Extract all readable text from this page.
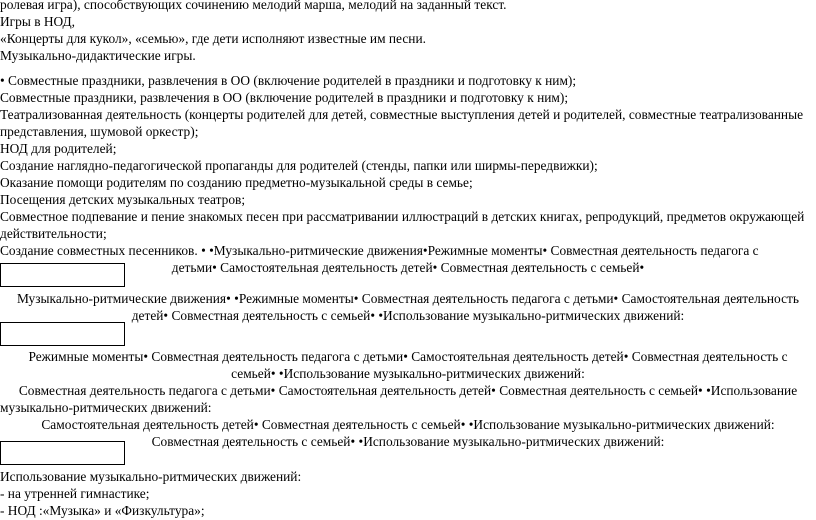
ролевая игра), способствующих сочинению мелодий марша, мелодий на заданный текст.
Игры в НОД,
«Концерты для кукол», «семью», где дети исполняют известные им песни.
Музыкально-дидактические игры.
• Совместные праздники, развлечения в ОО (включение родителей в праздники и подготовку к ним);
Совместные праздники, развлечения в ОО (включение родителей в праздники и подготовку к ним);
Театрализованная деятельность (концерты родителей для детей, совместные выступления детей и родителей, совместные театрализованные
представления, шумовой оркестр);
НОД для родителей;
Создание наглядно-педагогической пропаганды для родителей (стенды, папки или ширмы-передвижки);
Оказание помощи родителям по созданию предметно-музыкальной среды в семье;
Посещения детских музыкальных театров;
Совместное подпевание и пение знакомых песен при рассматривании иллюстраций в детских книгах, репродукций, предметов окружающей
действительности;
Создание совместных песенников. • •Музыкально-ритмические движения•Режимные моменты• Совместная деятельность педагога с
детьми• Самостоятельная деятельность детей• Совместная деятельность с семьей•
Музыкально-ритмические движения• •Режимные моменты• Совместная деятельность педагога с детьми• Самостоятельная деятельность
детей• Совместная деятельность с семьей• •Использование музыкально-ритмических движений:
Режимные моменты• Совместная деятельность педагога с детьми• Самостоятельная деятельность детей• Совместная деятельность с
семьей• •Использование музыкально-ритмических движений:
Совместная деятельность педагога с детьми• Самостоятельная деятельность детей• Совместная деятельность с семьей• •Использование
музыкально-ритмических движений:
Самостоятельная деятельность детей• Совместная деятельность с семьей• •Использование музыкально-ритмических движений:
Совместная деятельность с семьей• •Использование музыкально-ритмических движений:
Использование музыкально-ритмических движений:
- на утренней гимнастике;
- НОД :«Музыка» и «Физкультура»;
